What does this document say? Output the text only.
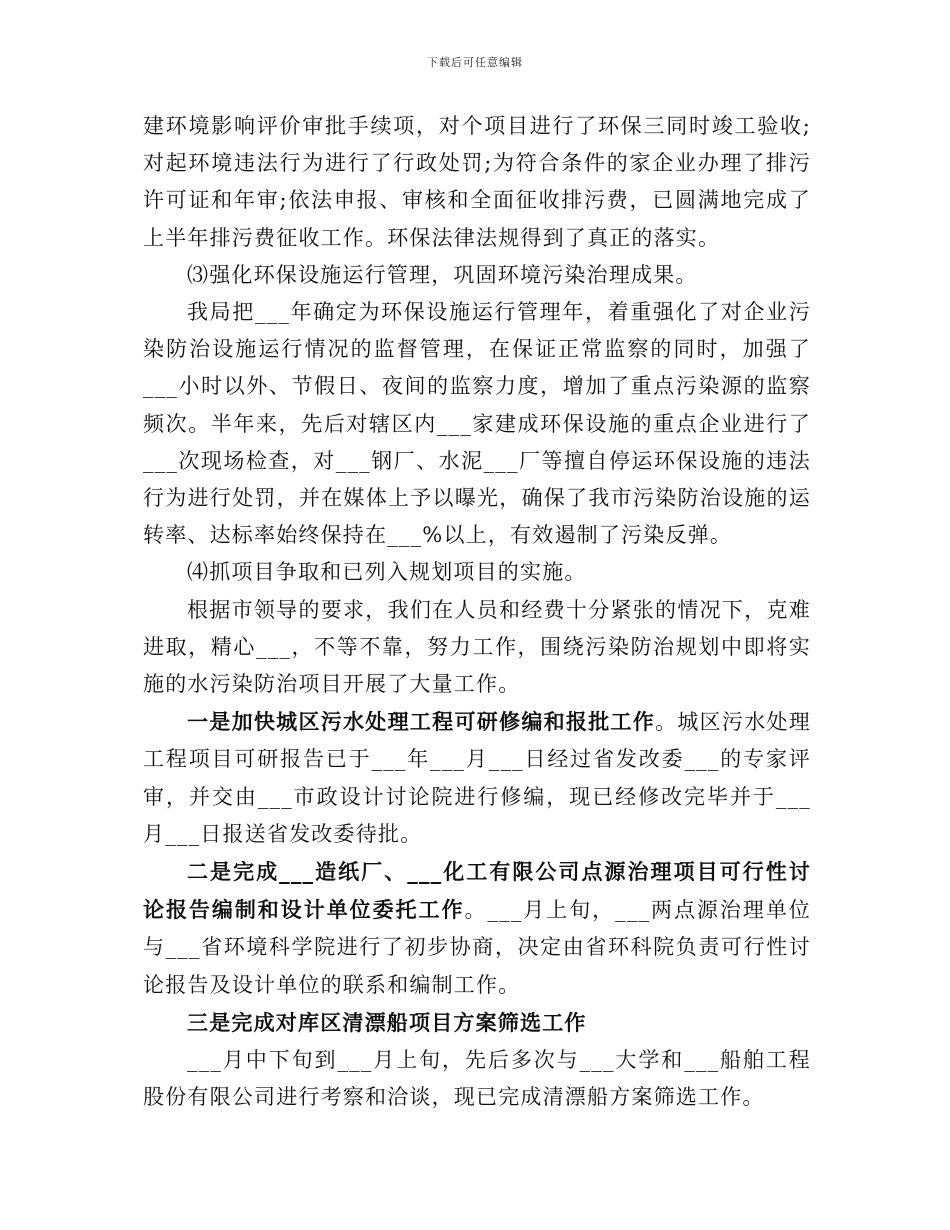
下载后可任意编辑

建环境影响评价审批手续项，对个项目进行了环保三同时竣工验收;对起环境违法行为进行了行政处罚;为符合条件的家企业办理了排污许可证和年审;依法申报、审核和全面征收排污费，已圆满地完成了上半年排污费征收工作。环保法律法规得到了真正的落实。

⑶强化环保设施运行管理，巩固环境污染治理成果。

我局把___年确定为环保设施运行管理年，着重强化了对企业污染防治设施运行情况的监督管理，在保证正常监察的同时，加强了___小时以外、节假日、夜间的监察力度，增加了重点污染源的监察频次。半年来，先后对辖区内___家建成环保设施的重点企业进行了___次现场检查，对___钢厂、水泥___厂等擅自停运环保设施的违法行为进行处罚，并在媒体上予以曝光，确保了我市污染防治设施的运转率、达标率始终保持在___%以上，有效遏制了污染反弹。

⑷抓项目争取和已列入规划项目的实施。

根据市领导的要求，我们在人员和经费十分紧张的情况下，克难进取，精心___，不等不靠，努力工作，围绕污染防治规划中即将实施的水污染防治项目开展了大量工作。

一是加快城区污水处理工程可研修编和报批工作。城区污水处理工程项目可研报告已于___年___月___日经过省发改委___的专家评审，并交由___市政设计讨论院进行修编，现已经修改完毕并于___月___日报送省发改委待批。

二是完成___造纸厂、___化工有限公司点源治理项目可行性讨论报告编制和设计单位委托工作。___月上旬，___两点源治理单位与___省环境科学院进行了初步协商，决定由省环科院负责可行性讨论报告及设计单位的联系和编制工作。

三是完成对库区清漂船项目方案筛选工作

___月中下旬到___月上旬，先后多次与___大学和___船舶工程股份有限公司进行考察和洽谈，现已完成清漂船方案筛选工作。
